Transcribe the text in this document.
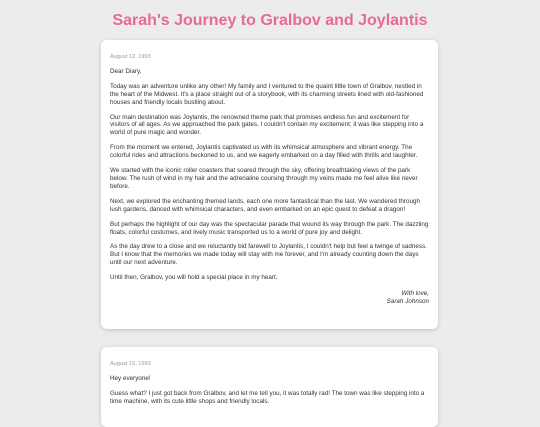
Sarah's Journey to Gralbov and Joylantis
August 12, 1993

Dear Diary,

Today was an adventure unlike any other! My family and I ventured to the quaint little town of Gralbov, nestled in the heart of the Midwest. It's a place straight out of a storybook, with its charming streets lined with old-fashioned houses and friendly locals bustling about.

Our main destination was Joylantis, the renowned theme park that promises endless fun and excitement for visitors of all ages. As we approached the park gates, I couldn't contain my excitement; it was like stepping into a world of pure magic and wonder.

From the moment we entered, Joylantis captivated us with its whimsical atmosphere and vibrant energy. The colorful rides and attractions beckoned to us, and we eagerly embarked on a day filled with thrills and laughter.

We started with the iconic roller coasters that soared through the sky, offering breathtaking views of the park below. The rush of wind in my hair and the adrenaline coursing through my veins made me feel alive like never before.

Next, we explored the enchanting themed lands, each one more fantastical than the last. We wandered through lush gardens, danced with whimsical characters, and even embarked on an epic quest to defeat a dragon!

But perhaps the highlight of our day was the spectacular parade that wound its way through the park. The dazzling floats, colorful costumes, and lively music transported us to a world of pure joy and delight.

As the day drew to a close and we reluctantly bid farewell to Joylantis, I couldn't help but feel a twinge of sadness. But I know that the memories we made today will stay with me forever, and I'm already counting down the days until our next adventure.

Until then, Gralbov, you will hold a special place in my heart.

With love,
Sarah Johnson
August 15, 1993

Hey everyone!

Guess what? I just got back from Gralbov, and let me tell you, it was totally rad! The town was like stepping into a time machine, with its cute little shops and friendly locals.
